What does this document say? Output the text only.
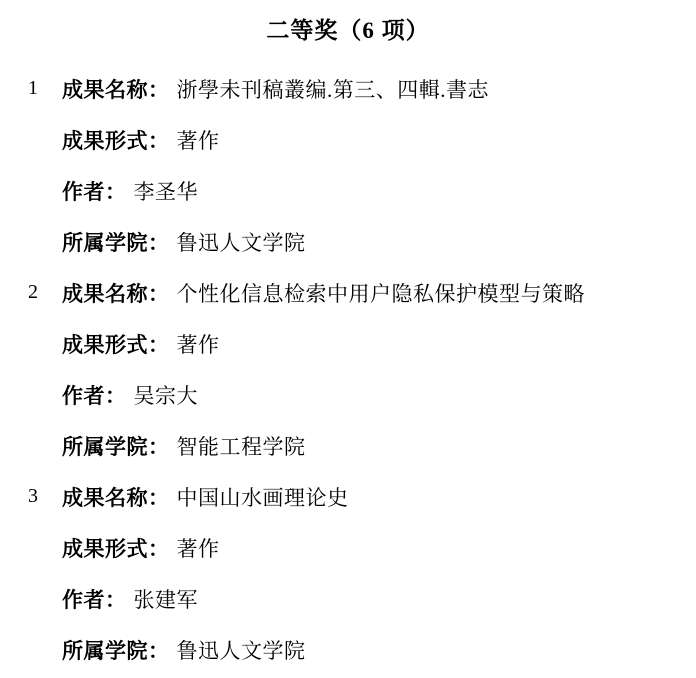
二等奖（6 项）
1	成果名称： 浙學未刊稿叢编.第三、四輯.書志
成果形式： 著作
作者： 李圣华
所属学院： 鲁迅人文学院
2	成果名称： 个性化信息检索中用户隐私保护模型与策略
成果形式： 著作
作者： 吴宗大
所属学院： 智能工程学院
3	成果名称： 中国山水画理论史
成果形式： 著作
作者： 张建军
所属学院： 鲁迅人文学院
